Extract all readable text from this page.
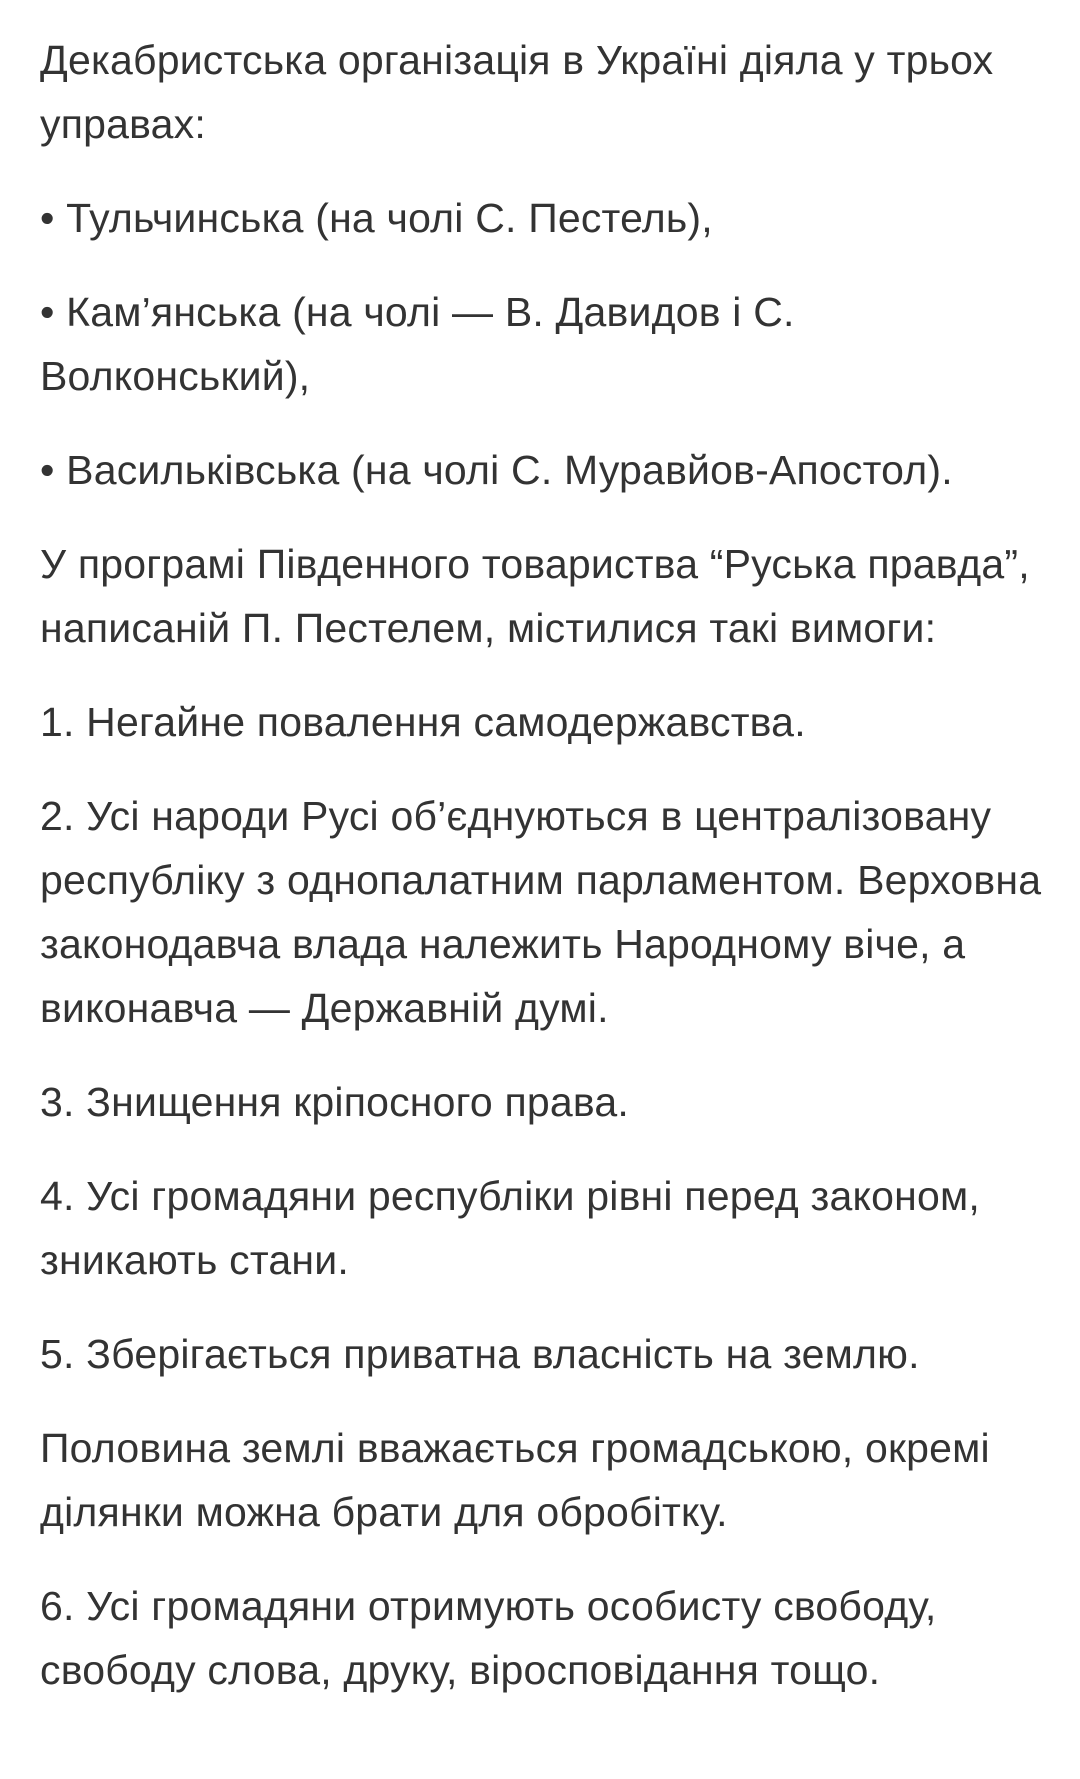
Декабристська організація в Україні діяла у трьох управах:

• Тульчинська (на чолі С. Пестель),

• Кам’янська (на чолі — В. Давидов і С. Волконський),

• Васильківська (на чолі С. Муравйов-Апостол).

У програмі Південного товариства “Руська правда”, написаній П. Пестелем, містилися такі вимоги:

1. Негайне повалення самодержавства.

2. Усі народи Русі об’єднуються в централізовану республіку з однопалатним парламентом. Верховна законодавча влада належить Народному віче, а виконавча — Державній думі.

3. Знищення кріпосного права.

4. Усі громадяни республіки рівні перед законом, зникають стани.

5. Зберігається приватна власність на землю.

Половина землі вважається громадською, окремі ділянки можна брати для обробітку.

6. Усі громадяни отримують особисту свободу, свободу слова, друку, віросповідання тощо.
